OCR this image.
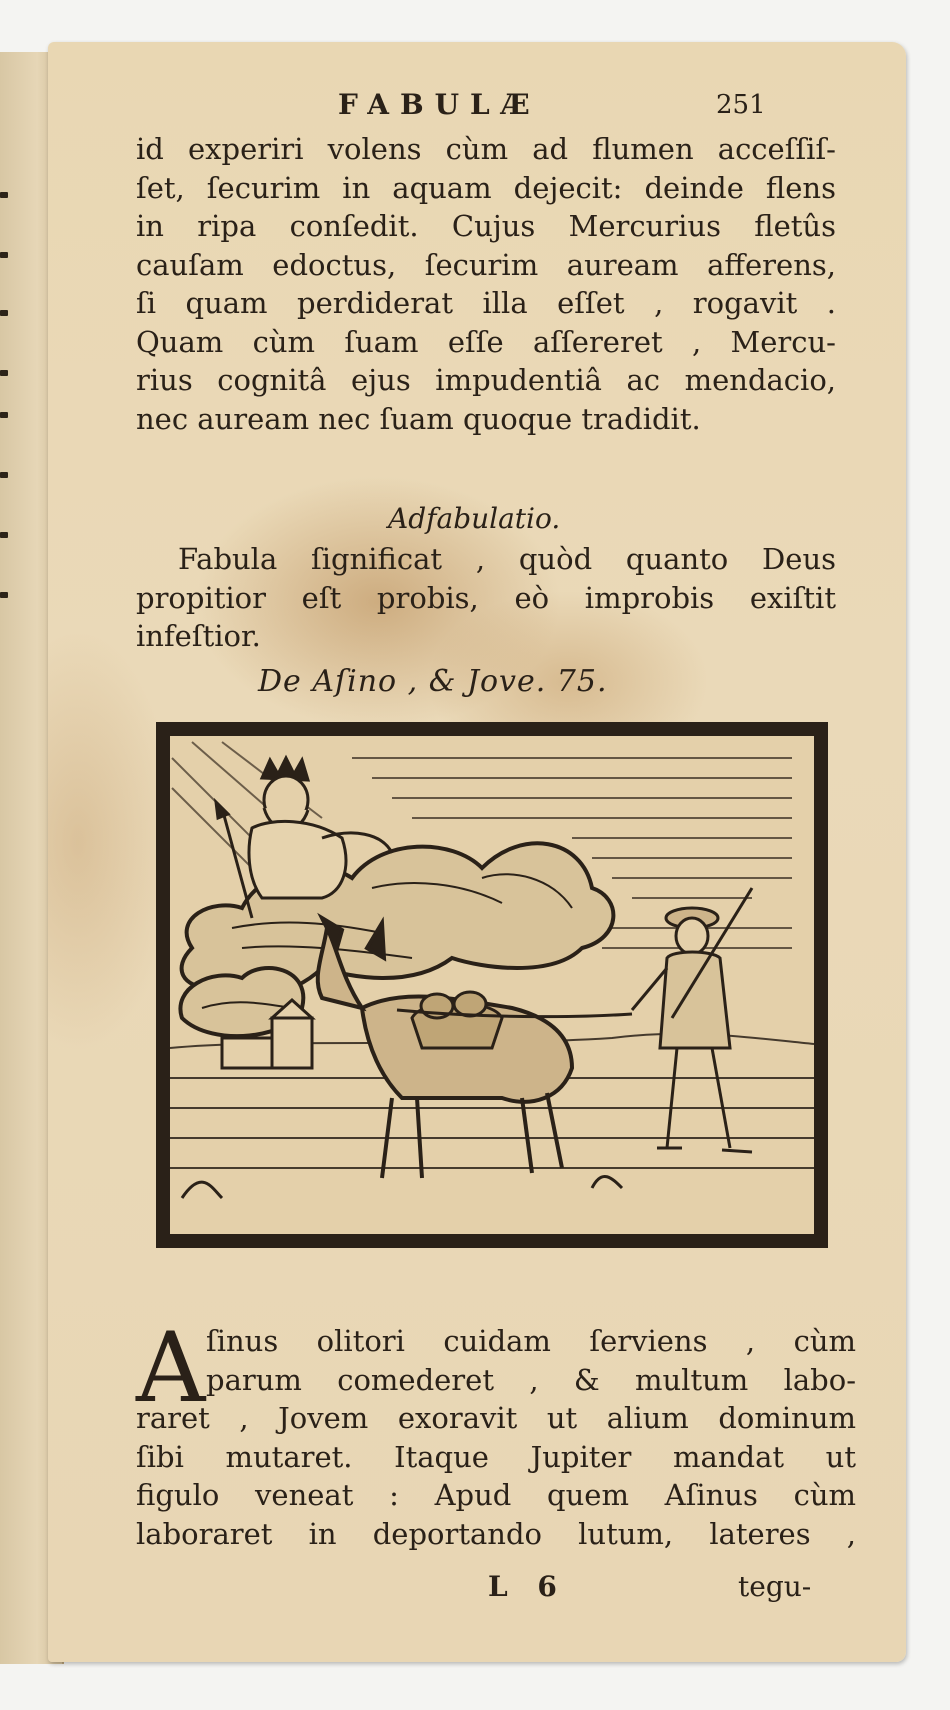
FABULÆ	251
id experiri volens cùm ad flumen acceſſiſ-
ſet, ſecurim in aquam dejecit: deinde flens
in ripa conſedit. Cujus Mercurius fletûs
cauſam edoctus, ſecurim auream afferens,
ſi quam perdiderat illa eſſet , rogavit .
Quam cùm ſuam eſſe aſſereret , Mercu-
rius cognitâ ejus impudentiâ ac mendacio,
nec auream nec ſuam quoque tradidit.
Adfabulatio.
Fabula ſignificat , quòd quanto Deus
propitior eſt probis, eò improbis exiſtit
infeſtior.
De Aſino , & Jove. 75.
A ſinus olitori cuidam ſerviens , cùm
parum comederet , & multum labo-
raret , Jovem exoravit ut alium dominum
ſibi mutaret. Itaque Jupiter mandat ut
figulo veneat : Apud quem Aſinus cùm
laboraret in deportando lutum, lateres ,
L 6	tegu-
